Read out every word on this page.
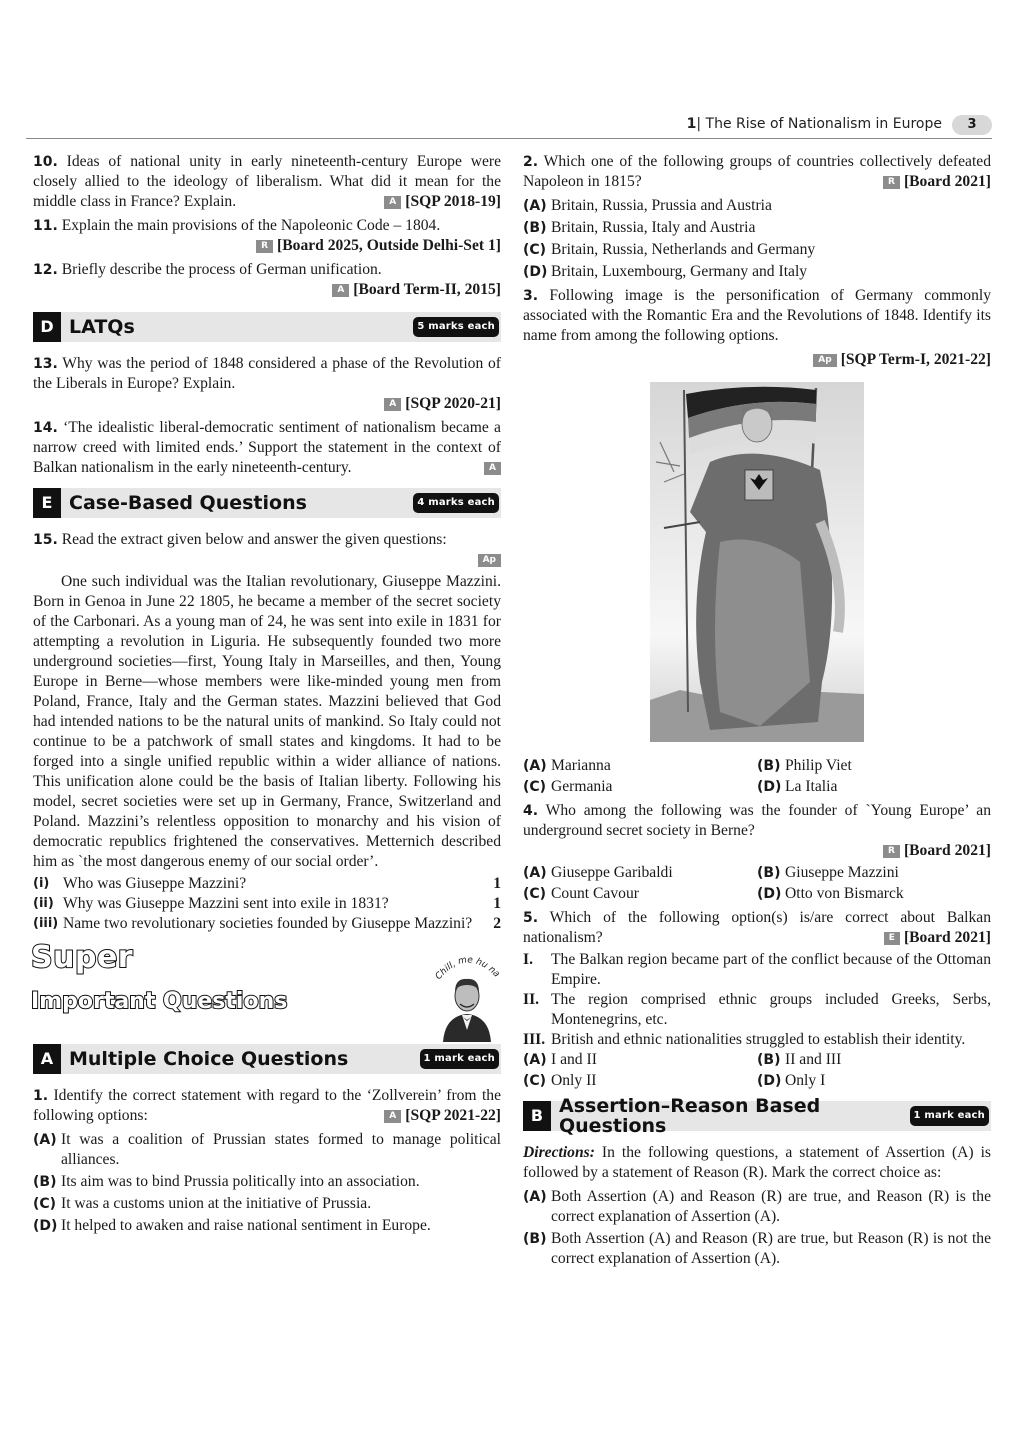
1| The Rise of Nationalism in Europe	3

10. Ideas of national unity in early nineteenth-century Europe were closely allied to the ideology of liberalism. What did it mean for the middle class in France? Explain.	A [SQP 2018-19]

11. Explain the main provisions of the Napoleonic Code – 1804.

R [Board 2025, Outside Delhi-Set 1]

12. Briefly describe the process of German unification.

A [Board Term-II, 2015]
D LATQs	5 marks each

13. Why was the period of 1848 considered a phase of the Revolution of the Liberals in Europe? Explain.

A [SQP 2020-21]

14. ‘The idealistic liberal-democratic sentiment of nationalism became a narrow creed with limited ends.’ Support the statement in the context of Balkan nationalism in the early nineteenth-century.	A

E Case-Based Questions	4 marks each

15. Read the extract given below and answer the given questions:

Ap

One such individual was the Italian revolutionary, Giuseppe Mazzini. Born in Genoa in June 22 1805, he became a member of the secret society of the Carbonari. As a young man of 24, he was sent into exile in 1831 for attempting a revolution in Liguria. He subsequently founded two more underground societies—first, Young Italy in Marseilles, and then, Young Europe in Berne—whose members were like-minded young men from Poland, France, Italy and the German states. Mazzini believed that God had intended nations to be the natural units of mankind. So Italy could not continue to be a patchwork of small states and kingdoms. It had to be forged into a single unified republic within a wider alliance of nations. This unification alone could be the basis of Italian liberty. Following his model, secret societies were set up in Germany, France, Switzerland and Poland. Mazzini’s relentless opposition to monarchy and his vision of democratic republics frightened the conservatives. Metternich described him as `the most dangerous enemy of our social order’.

(i) Who was Giuseppe Mazzini?	1
(ii) Why was Giuseppe Mazzini sent into exile in 1831?	1
(iii) Name two revolutionary societies founded by Giuseppe Mazzini?	2
Super
Important Questions
Chill, me hu na
A Multiple Choice Questions	1 mark each

1. Identify the correct statement with regard to the ‘Zollverein’ from the following options:	A [SQP 2021-22]

(A) It was a coalition of Prussian states formed to manage political alliances.
(B) Its aim was to bind Prussia politically into an association.
(C) It was a customs union at the initiative of Prussia.
(D) It helped to awaken and raise national sentiment in Europe.

2. Which one of the following groups of countries collectively defeated Napoleon in 1815?	R [Board 2021]

(A) Britain, Russia, Prussia and Austria
(B) Britain, Russia, Italy and Austria
(C) Britain, Russia, Netherlands and Germany
(D) Britain, Luxembourg, Germany and Italy

3. Following image is the personification of Germany commonly associated with the Romantic Era and the Revolutions of 1848. Identify its name from among the following options.

Ap [SQP Term-I, 2021-22]
(A) Marianna	(B) Philip Viet
(C) Germania	(D) La Italia

4. Who among the following was the founder of `Young Europe’ an underground secret society in Berne?

R [Board 2021]
(A) Giuseppe Garibaldi	(B) Giuseppe Mazzini
(C) Count Cavour	(D) Otto von Bismarck

5. Which of the following option(s) is/are correct about Balkan nationalism?	E [Board 2021]

I.	The Balkan region became part of the conflict because of the Ottoman Empire.
II. The region comprised ethnic groups included Greeks, Serbs, Montenegrins, etc.
III. British and ethnic nationalities struggled to establish their identity.
(A) I and II	(B) II and III
(C) Only II	(D) Only I
B Assertion–Reason Based Questions	1 mark each

Directions: In the following questions, a statement of Assertion (A) is followed by a statement of Reason (R). Mark the correct choice as:

(A) Both Assertion (A) and Reason (R) are true, and Reason (R) is the correct explanation of Assertion (A).
(B) Both Assertion (A) and Reason (R) are true, but Reason (R) is not the correct explanation of Assertion (A).
